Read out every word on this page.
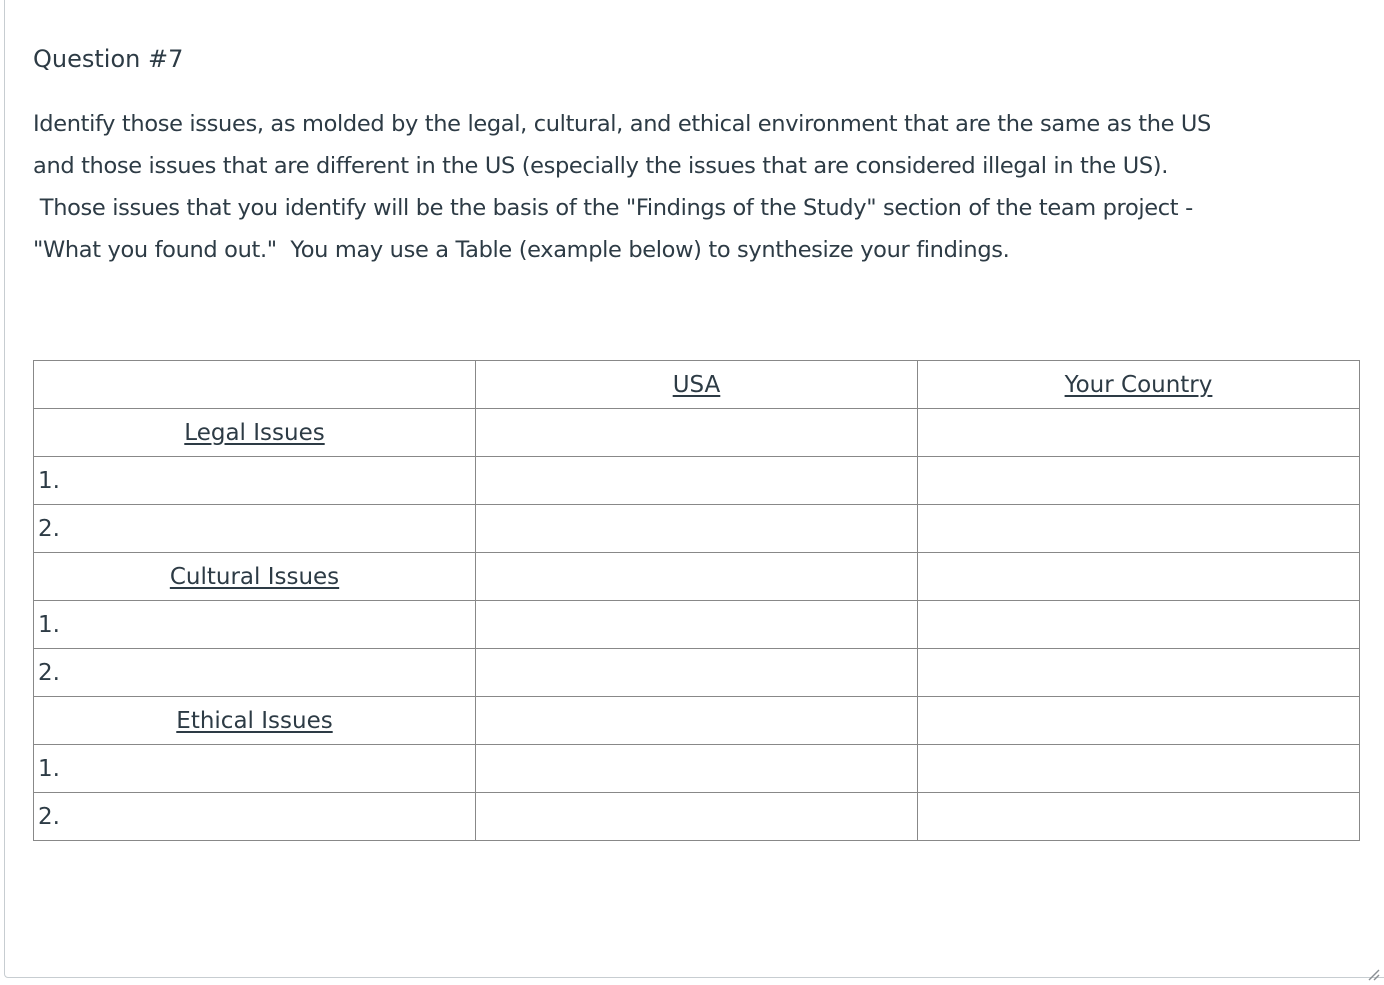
Question #7

Identify those issues, as molded by the legal, cultural, and ethical environment that are the same as the US
and those issues that are different in the US (especially the issues that are considered illegal in the US).
Those issues that you identify will be the basis of the "Findings of the Study" section of the team project -
"What you found out."  You may use a Table (example below) to synthesize your findings.

	USA	Your Country
Legal Issues		
1.		
2.		
Cultural Issues		
1.		
2.		
Ethical Issues		
1.		
2.		
